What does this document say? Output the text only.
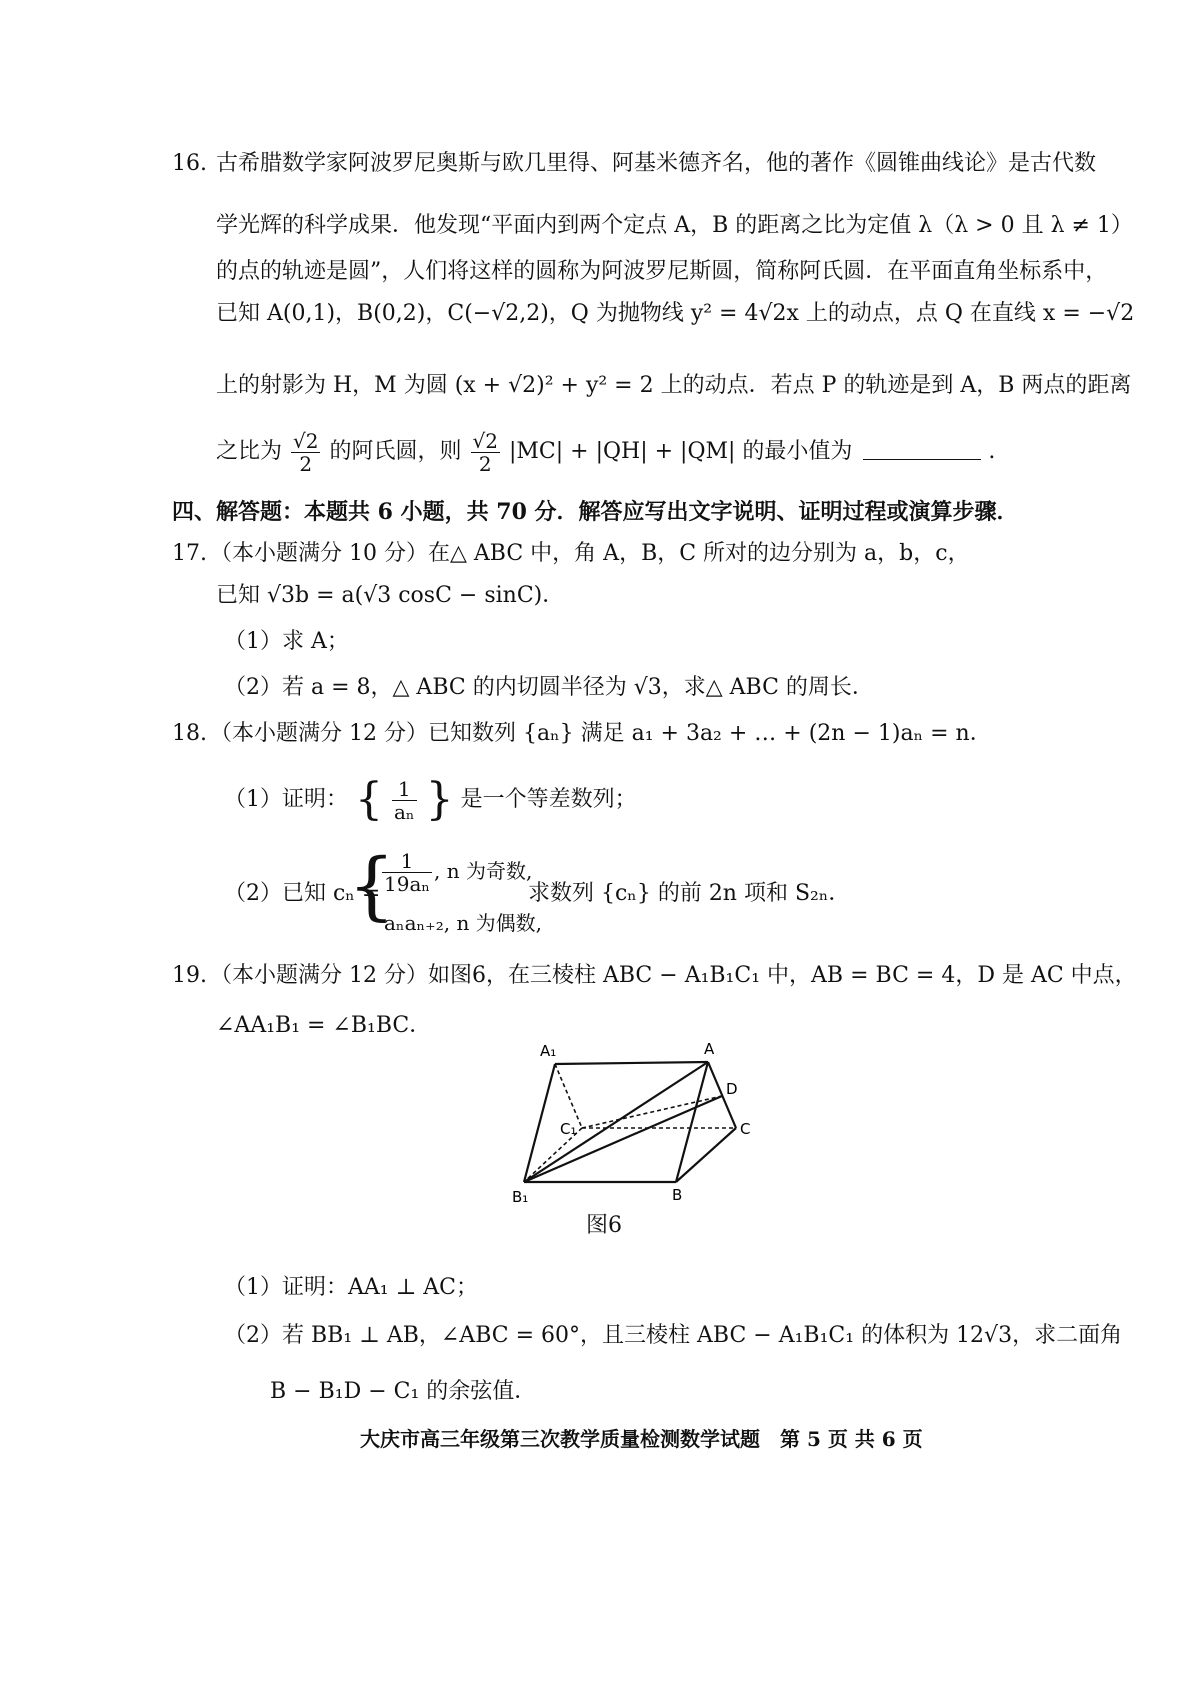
16. 古希腊数学家阿波罗尼奥斯与欧几里得、阿基米德齐名，他的著作《圆锥曲线论》是古代数
学光辉的科学成果．他发现“平面内到两个定点 A，B 的距离之比为定值 λ（λ > 0 且 λ ≠ 1）
的点的轨迹是圆”，人们将这样的圆称为阿波罗尼斯圆，简称阿氏圆．在平面直角坐标系中，
已知 A(0,1)，B(0,2)，C(−√2,2)，Q 为抛物线 y² = 4√2x 上的动点，点 Q 在直线 x = −√2
上的射影为 H，M 为圆 (x + √2)² + y² = 2 上的动点．若点 P 的轨迹是到 A，B 两点的距离
之比为 $\frac{√2}{2}$ 的阿氏圆，则 $\frac{√2}{2} |MC| + |QH| + |QM|$ 的最小值为	.
四、解答题：本题共 6 小题，共 70 分．解答应写出文字说明、证明过程或演算步骤．
17. （本小题满分 10 分）在△ ABC 中，角 A，B，C 所对的边分别为 a，b，c，
已知 √3b = a(√3 cosC − sinC)．
（1）求 A；
（2）若 a = 8，△ ABC 的内切圆半径为 √3，求△ ABC 的周长．
18. （本小题满分 12 分）已知数列 {aₙ} 满足 a₁ + 3a₂ + … + (2n − 1)aₙ = n．
（1）证明： { $\frac{1}{\text{aₙ}}$ } 是一个等差数列；
（2）已知 cₙ =
{
$\frac{1}{\text{19aₙ}}$ , n 为奇数,
aₙaₙ₊₂, n 为偶数,
求数列 {cₙ} 的前 2n 项和 S₂ₙ．
19. （本小题满分 12 分）如图6，在三棱柱 ABC − A₁B₁C₁ 中，AB = BC = 4，D 是 AC 中点，
∠AA₁B₁ = ∠B₁BC．
A₁	A
D
C₁	C
B₁	B
图6
（1）证明：AA₁ ⊥ AC；
（2）若 BB₁ ⊥ AB，∠ABC = 60°，且三棱柱 ABC − A₁B₁C₁ 的体积为 12√3，求二面角
B − B₁D − C₁ 的余弦值．
大庆市高三年级第三次教学质量检测数学试题　第 5 页 共 6 页
